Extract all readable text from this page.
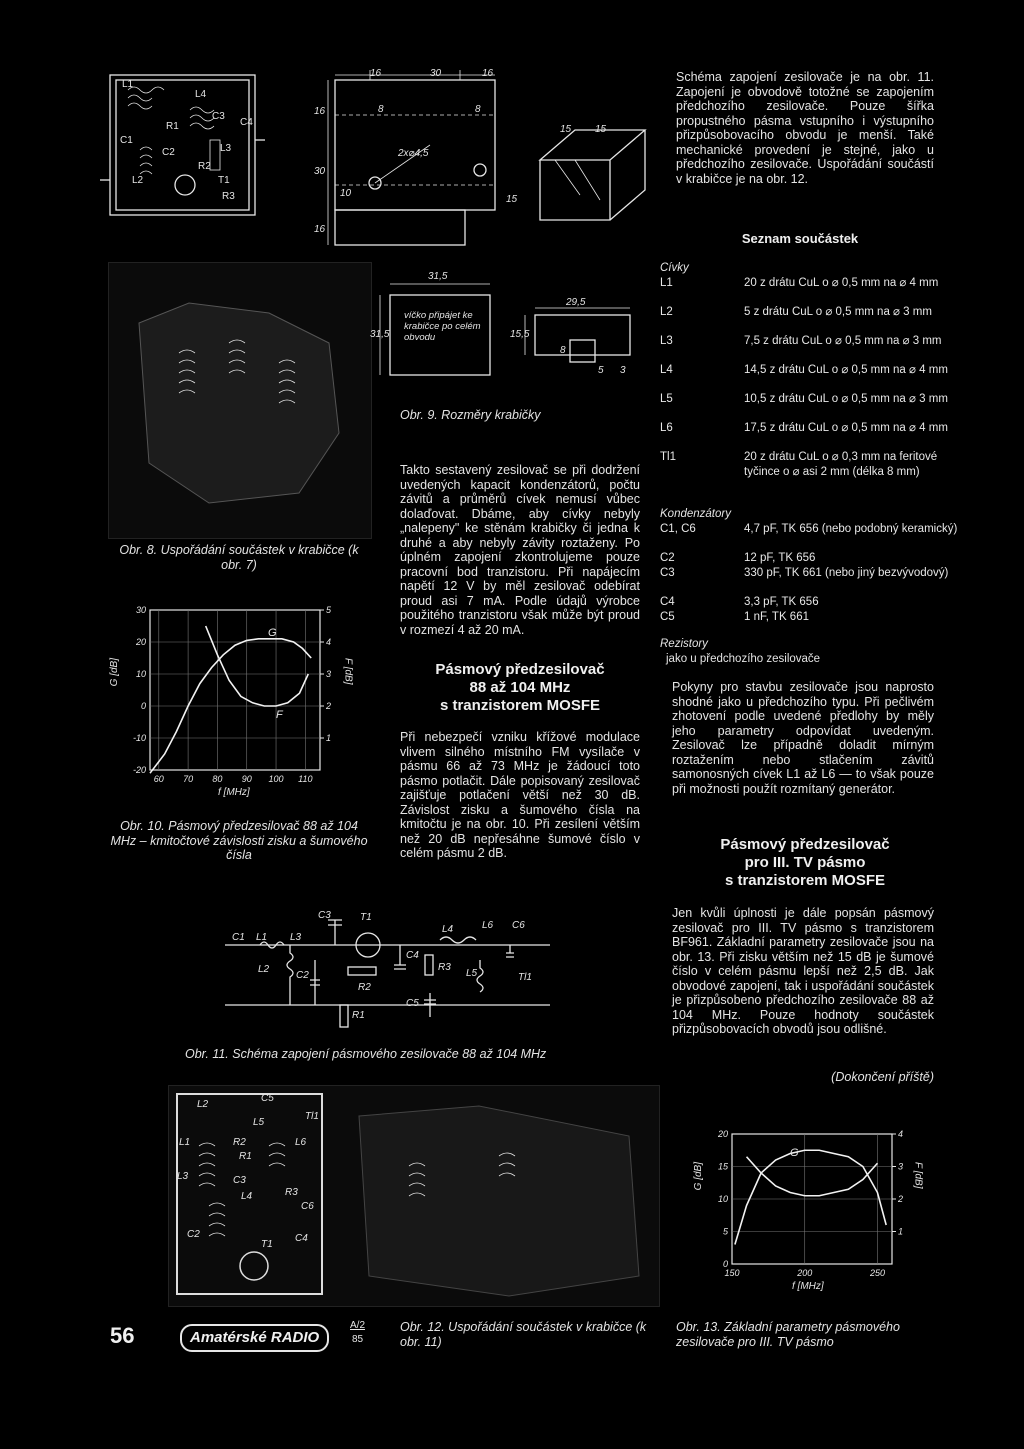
L1
L4
R1
C3
C4
C1
C2	L3
R2
L2	T1
R3
16	30	16
8	8
2x⌀4,5
16
30
10
15
16
15 15
Schéma zapojení zesilovače je na obr. 11. Zapojení je obvodově totožné se zapojením předchozího zesilovače. Pouze šířka propustného pásma vstupního i výstupního přizpůsobovacího obvodu je menší. Také mechanické provedení je stejné, jako u předchozího zesilovače. Uspořádání součástí v krabičce je na obr. 12.
Obr. 8. Uspořádání součástek v krabičce (k obr. 7)
31,5
31,5
víčko připájet ke krabičce po celém obvodu
29,5
15,5
8
5 3
Obr. 9. Rozměry krabičky
Takto sestavený zesilovač se při dodržení uvedených kapacit kondenzátorů, počtu závitů a průměrů cívek nemusí vůbec dolaďovat. Dbáme, aby cívky nebyly „nalepeny" ke stěnám krabičky či jedna k druhé a aby nebyly závity roztaženy. Po úplném zapojení zkontrolujeme pouze pracovní bod tranzistoru. Při napájecím napětí 12 V by měl zesilovač odebírat proud asi 7 mA. Podle údajů výrobce použitého tranzistoru však může být proud v rozmezí 4 až 20 mA.
Pásmový předzesilovač
88 až 104 MHz
s tranzistorem MOSFE
Při nebezpečí vzniku křížové modulace vlivem silného místního FM vysílače v pásmu 66 až 73 MHz je žádoucí toto pásmo potlačit. Dále popisovaný zesilovač zajišťuje potlačení větší než 30 dB. Závislost zisku a šumového čísla na kmitočtu je na obr. 10. Při zesílení větším než 20 dB nepřesáhne šumové číslo v celém pásmu 2 dB.
Seznam součástek
Cívky
L1	20 z drátu CuL o ⌀ 0,5 mm na ⌀ 4 mm
L2	5 z drátu CuL o ⌀ 0,5 mm na ⌀ 3 mm
L3	7,5 z drátu CuL o ⌀ 0,5 mm na ⌀ 3 mm
L4	14,5 z drátu CuL o ⌀ 0,5 mm na ⌀ 4 mm
L5	10,5 z drátu CuL o ⌀ 0,5 mm na ⌀ 3 mm
L6	17,5 z drátu CuL o ⌀ 0,5 mm na ⌀ 4 mm
Tl1	20 z drátu CuL o ⌀ 0,3 mm na feritové tyčince o ⌀ asi 2 mm (délka 8 mm)
Kondenzátory
C1, C6	4,7 pF, TK 656 (nebo podobný keramický)
C2	12 pF, TK 656
C3	330 pF, TK 661 (nebo jiný bezvývodový)
C4	3,3 pF, TK 656
C5	1 nF, TK 661
Rezistory
jako u předchozího zesilovače
Pokyny pro stavbu zesilovače jsou naprosto shodné jako u předchozího typu. Při pečlivém zhotovení podle uvedené předlohy by měly jeho parametry odpovídat uvedeným. Zesilovač lze případně doladit mírným roztažením nebo stlačením závitů samonosných cívek L1 až L6 — to však pouze při možnosti použít rozmítaný generátor.
Pásmový předzesilovač
pro III. TV pásmo
s tranzistorem MOSFE
Jen kvůli úplnosti je dále popsán pásmový zesilovač pro III. TV pásmo s tranzistorem BF961. Základní parametry zesilovače jsou na obr. 13. Při zisku větším než 15 dB je šumové číslo v celém pásmu lepší než 2,5 dB. Jak obvodové zapojení, tak i uspořádání součástek je přizpůsobeno předchozího zesilovače 88 až 104 MHz. Pouze hodnoty součástek přizpůsobovacích obvodů jsou odlišné.
(Dokončení příště)
30
20
10
0
-10
-20
5
4
3
2
1
60 70 80 90 100 110
G
F
G [dB]	F [dB]
f [MHz]
Obr. 10. Pásmový předzesilovač 88 až 104 MHz – kmitočtové závislosti zisku a šumového čísla
C1 L1 L3
L2
C2
C3	T1
C4
L4
R3
L6 C6
L5	Tl1
R2
R1
C5
Obr. 11. Schéma zapojení pásmového zesilovače 88 až 104 MHz
L2
C5
Tl1
L5
L6
L1	R2
L3
R1
L4
C3
R3
C6
C4
C2
T1
20
15
10
5
0
4
3
2
1
150	200	250
G
G [dB]	F [dB]
f [MHz]
56	Amatérské RADIO
A/2
85
Obr. 12. Uspořádání součástek v krabičce (k obr. 11)
Obr. 13. Základní parametry pásmového zesilovače pro III. TV pásmo
